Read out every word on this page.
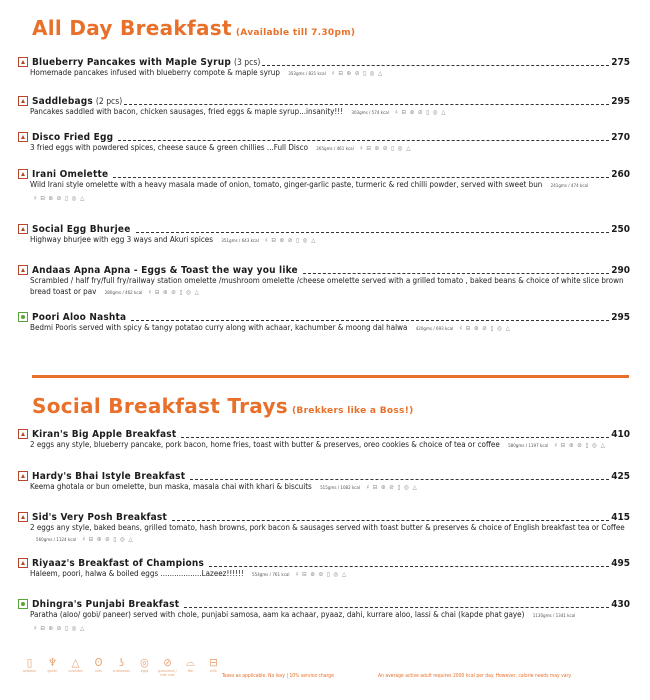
All Day Breakfast (Available till 7.30pm)
Blueberry Pancakes with Maple Syrup (3 pcs)	275
Homemade pancakes infused with blueberry compote & maple syrup 353gms / 821 kcal ♯ ⊟ ⊛ ⊘ ▯ ◎ △
Saddlebags (2 pcs)	295
Pancakes saddled with bacon, chicken sausages, fried eggs & maple syrup...insanity!!! 303gms / 574 kcal ♯ ⊟ ⊛ ⊘ ▯ ◎ △
Disco Fried Egg	270
3 fried eggs with powdered spices, cheese sauce & green chillies ...Full Disco 265gms / 461 kcal ♯ ⊟ ⊛ ⊘ ▯ ◎ △
Irani Omelette	260
Wild Irani style omelette with a heavy masala made of onion, tomato, ginger-garlic paste, turmeric & red chilli powder, served with sweet bun 241gms / 474 kcal ♯ ⊟ ⊛ ⊘ ▯ ◎ △
Social Egg Bhurjee	250
Highway bhurjee with egg 3 ways and Akuri spices 351gms / 643 kcal ♯ ⊟ ⊛ ⊘ ▯ ◎ △
Andaas Apna Apna - Eggs & Toast the way you like	290
Scrambled / half fry/full fry/railway station omelette /mushroom omelette /cheese omelette served with a grilled tomato , baked beans & choice of white slice brown bread toast or pav 280gms / 462 kcal ♯ ⊟ ⊛ ⊘ ▯ ◎ △
Poori Aloo Nashta	295
Bedmi Pooris served with spicy & tangy potatao curry along with achaar, kachumber & moong dal halwa 420gms / 693 kcal ♯ ⊟ ⊛ ⊘ ▯ ◎ △
Social Breakfast Trays (Brekkers like a Boss!)
Kiran's Big Apple Breakfast	410
2 eggs any style, blueberry pancake, pork bacon, home fries, toast with butter & preserves, oreo cookies & choice of tea or coffee 580gms / 1197 kcal ♯ ⊟ ⊛ ⊘ ▯ ◎ △
Hardy's Bhai Istyle Breakfast	425
Keema ghotala or bun omelette, bun maska, masala chai with khari & biscuits 515gms / 1082 kcal ♯ ⊟ ⊛ ⊘ ▯ ◎ △
Sid's Very Posh Breakfast	415
2 eggs any style, baked beans, grilled tomato, hash browns, pork bacon & sausages served with toast butter & preserves & choice of English breakfast tea or Coffee 560gms / 1124 kcal ♯ ⊟ ⊛ ⊘ ▯ ◎ △
Riyaaz's Breakfast of Champions	495
Haleem, poori, halwa & boiled eggs ..................Lazeez!!!!!! 554gms / 761 kcal ♯ ⊟ ⊛ ⊘ ▯ ◎ △
Dhingra's Punjabi Breakfast	430
Paratha (aloo/ gobi/ paneer) served with chole, punjabi samosa, aam ka achaar, pyaaz, dahi, kurrare aloo, lassi & chai (kapde phat gaye) 1130gms / 1341 kcal ♯ ⊟ ⊛ ⊘ ▯ ◎ △
▯
soybean
♆
gluten
△
sulphites
ʘ
nuts
ʖ
crustacean
◎
eggs
⊘
groundnut / tree nuts
⌓
fish
⊟
milk
Taxes as applicable. No levy | 10% service charge	An average active adult requires 2000 kcal per day. However, calorie needs may vary.
